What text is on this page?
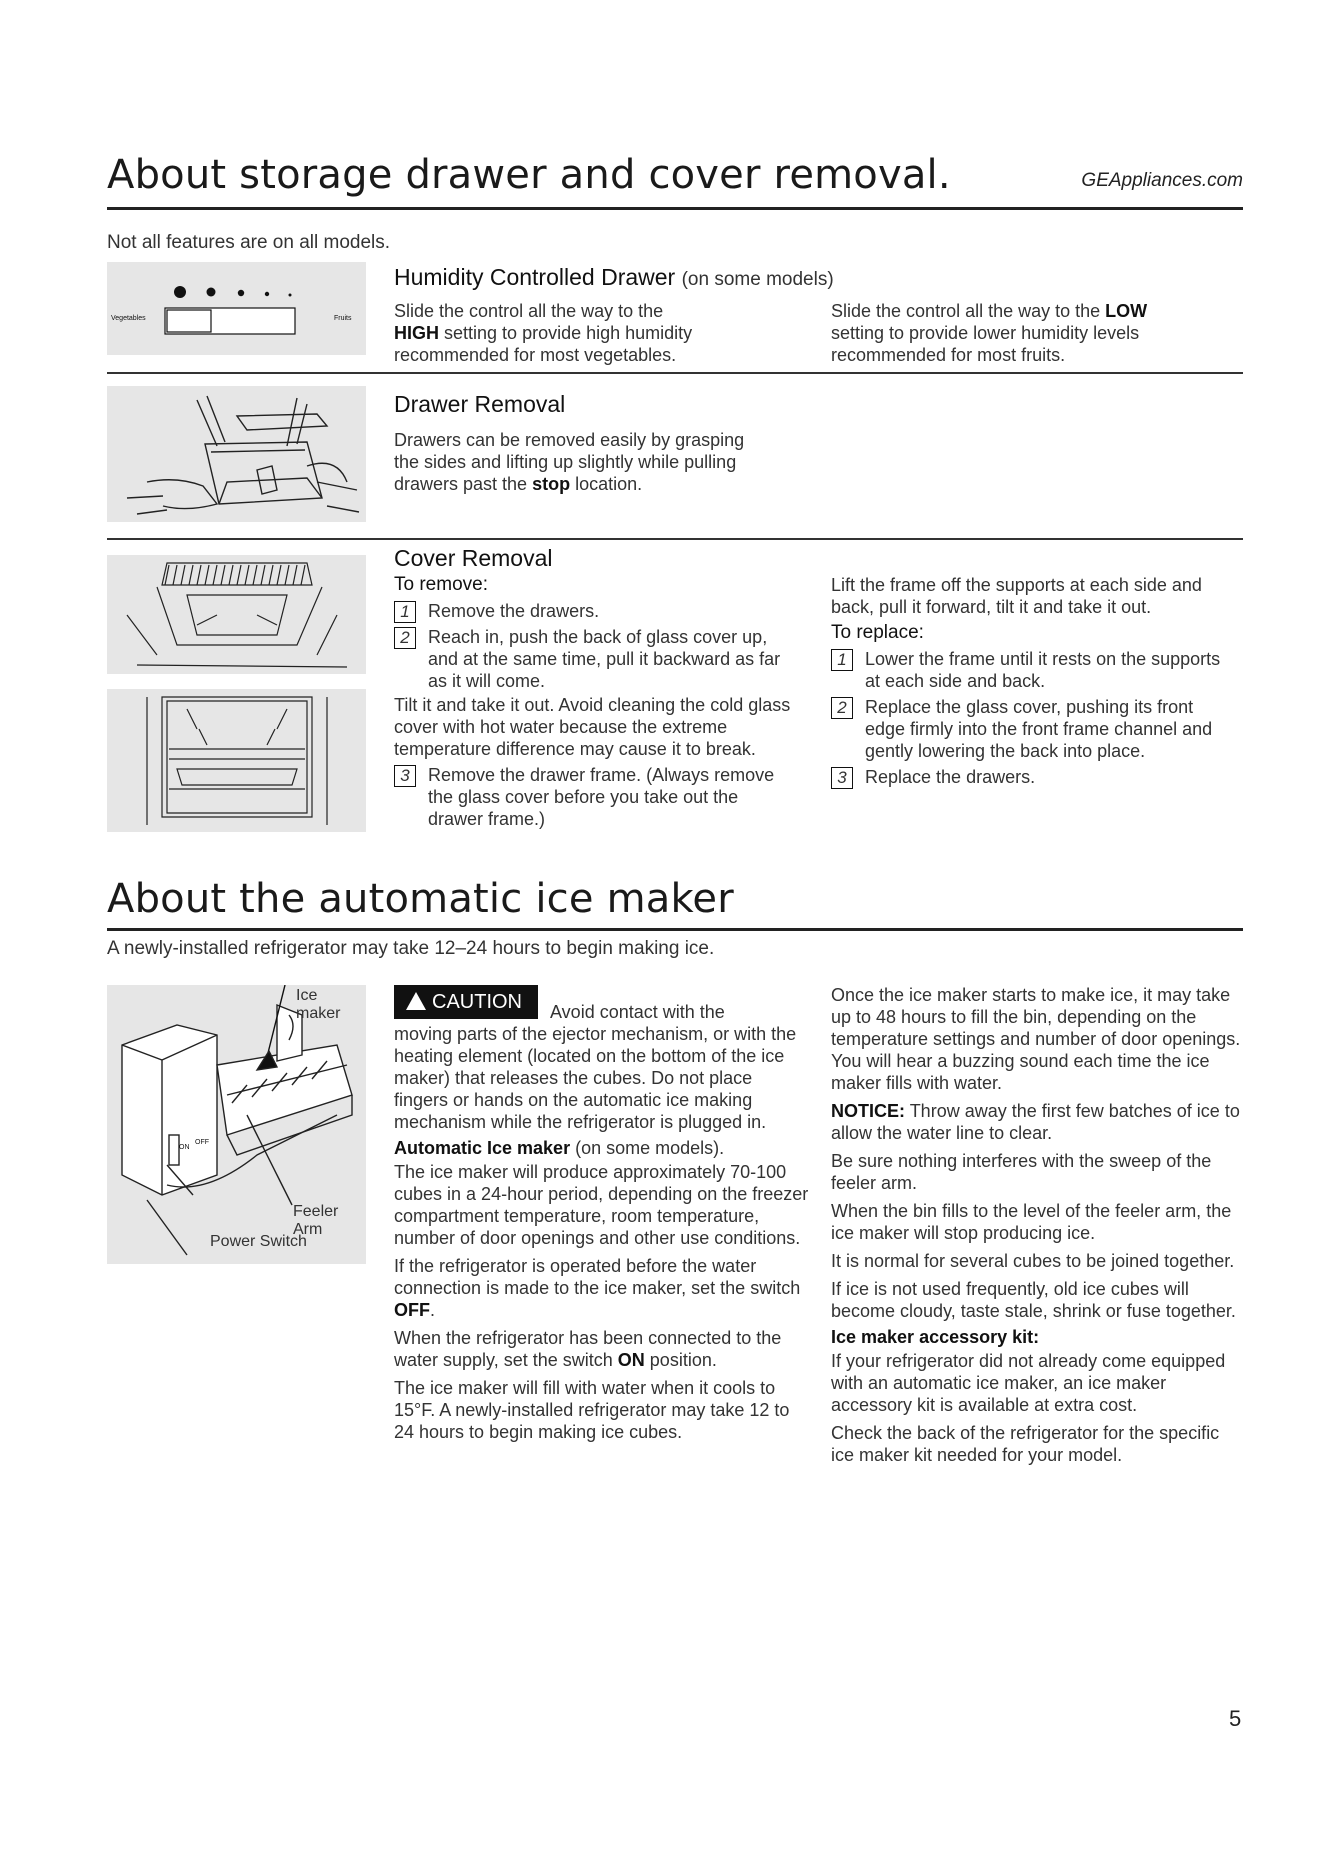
About storage drawer and cover removal.	GEAppliances.com
Not all features are on all models.
Vegetables	Fruits
Humidity Controlled Drawer (on some models)
Slide the control all the way to the
HIGH setting to provide high humidity
recommended for most vegetables.
Slide the control all the way to the LOW
setting to provide lower humidity levels
recommended for most fruits.
Drawer Removal
Drawers can be removed easily by grasping
the sides and lifting up slightly while pulling
drawers past the stop location.
Cover Removal

To remove:

1	Remove the drawers.
2	Reach in, push the back of glass cover up, and at the same time, pull it backward as far as it will come.

Tilt it and take it out. Avoid cleaning the cold glass cover with hot water because the extreme temperature difference may cause it to break.

3	Remove the drawer frame. (Always remove the glass cover before you take out the drawer frame.)

Lift the frame off the supports at each side and back, pull it forward, tilt it and take it out.

To replace:

1	Lower the frame until it rests on the supports at each side and back.
2	Replace the glass cover, pushing its front edge firmly into the front frame channel and gently lowering the back into place.
3	Replace the drawers.
About the automatic ice maker
A newly-installed refrigerator may take 12–24 hours to begin making ice.
Ice maker
Feeler Arm
Power Switch
ON
OFF
CAUTION	Avoid contact with the

moving parts of the ejector mechanism, or with the heating element (located on the bottom of the ice maker) that releases the cubes. Do not place fingers or hands on the automatic ice making mechanism while the refrigerator is plugged in.

Automatic Ice maker (on some models).

The ice maker will produce approximately 70-100 cubes in a 24-hour period, depending on the freezer compartment temperature, room temperature, number of door openings and other use conditions.

If the refrigerator is operated before the water connection is made to the ice maker, set the switch OFF.

When the refrigerator has been connected to the water supply, set the switch ON position.

The ice maker will fill with water when it cools to 15°F. A newly-installed refrigerator may take 12 to 24 hours to begin making ice cubes.

Once the ice maker starts to make ice, it may take up to 48 hours to fill the bin, depending on the temperature settings and number of door openings. You will hear a buzzing sound each time the ice maker fills with water.

NOTICE: Throw away the first few batches of ice to allow the water line to clear.

Be sure nothing interferes with the sweep of the feeler arm.

When the bin fills to the level of the feeler arm, the ice maker will stop producing ice.

It is normal for several cubes to be joined together.

If ice is not used frequently, old ice cubes will become cloudy, taste stale, shrink or fuse together.

Ice maker accessory kit:

If your refrigerator did not already come equipped with an automatic ice maker, an ice maker accessory kit is available at extra cost.

Check the back of the refrigerator for the specific ice maker kit needed for your model.

5
